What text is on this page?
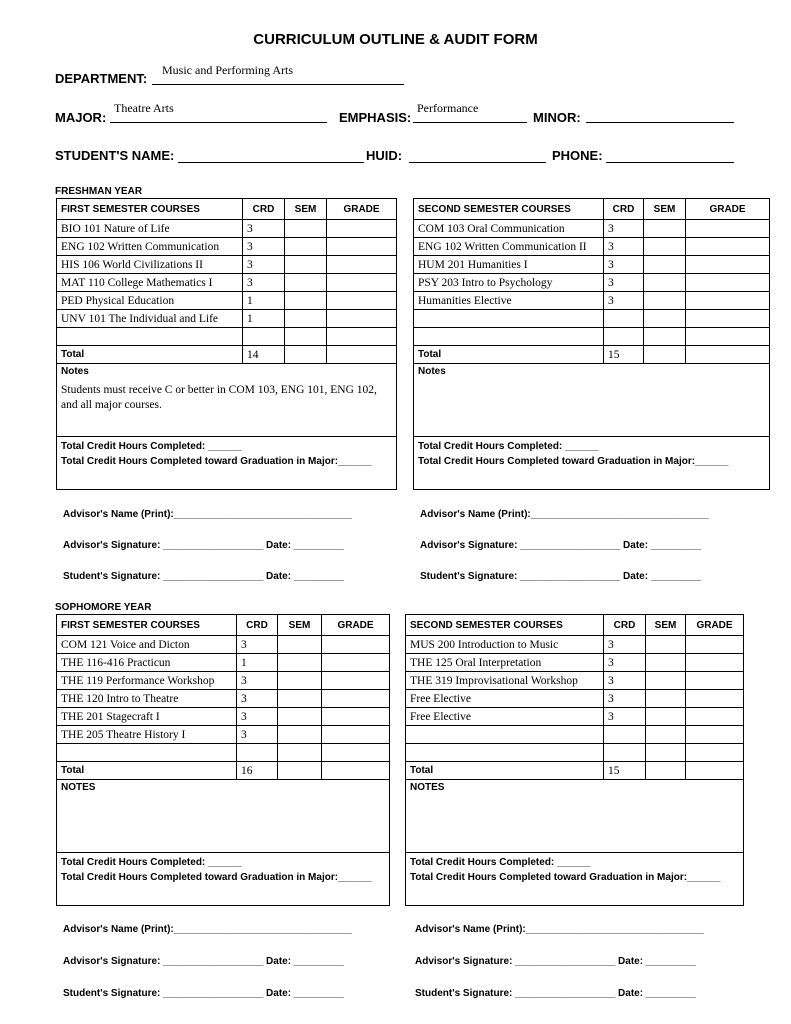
CURRICULUM OUTLINE & AUDIT FORM
DEPARTMENT:
Music and Performing Arts
MAJOR:
Theatre Arts
EMPHASIS:
Performance
MINOR:
STUDENT'S NAME:	HUID:	PHONE:
FRESHMAN YEAR
FIRST SEMESTER COURSES	CRD	SEM	GRADE
BIO 101 Nature of Life	3		
ENG 102 Written Communication	3		
HIS 106 World Civilizations II	3		
MAT 110 College Mathematics I	3		
PED Physical Education	1		
UNV 101 The Individual and Life	1		

Total	14		

Notes
Students must receive C or better in COM 103, ENG 101, ENG 102, and all major courses.			

Total Credit Hours Completed: ______
Total Credit Hours Completed toward Graduation in Major:______			
SECOND SEMESTER COURSES	CRD	SEM	GRADE
COM 103 Oral Communication	3		
ENG 102 Written Communication II	3		
HUM 201 Humanities I	3		
PSY 203 Intro to Psychology	3		
Humanities Elective	3		

Total	15		

Notes			

Total Credit Hours Completed: ______
Total Credit Hours Completed toward Graduation in Major:______			
Advisor's Name (Print):________________________________
Advisor's Signature: __________________ Date: _________
Student's Signature: __________________ Date: _________
Advisor's Name (Print):________________________________
Advisor's Signature: __________________ Date: _________
Student's Signature: __________________ Date: _________
SOPHOMORE YEAR
FIRST SEMESTER COURSES	CRD	SEM	GRADE
COM 121 Voice and Dicton	3		
THE 116-416 Practicun	1		
THE 119 Performance Workshop	3		
THE 120 Intro to Theatre	3		
THE 201 Stagecraft I	3		
THE 205 Theatre History I	3		

Total	16		

NOTES			

Total Credit Hours Completed: ______
Total Credit Hours Completed toward Graduation in Major:______			
SECOND SEMESTER COURSES	CRD	SEM	GRADE
MUS 200 Introduction to Music	3		
THE 125 Oral Interpretation	3		
THE 319 Improvisational Workshop	3		
Free Elective	3		
Free Elective	3		

Total	15		

NOTES			

Total Credit Hours Completed: ______
Total Credit Hours Completed toward Graduation in Major:______			
Advisor's Name (Print):________________________________
Advisor's Signature: __________________ Date: _________
Student's Signature: __________________ Date: _________
Advisor's Name (Print):________________________________
Advisor's Signature: __________________ Date: _________
Student's Signature: __________________ Date: _________
